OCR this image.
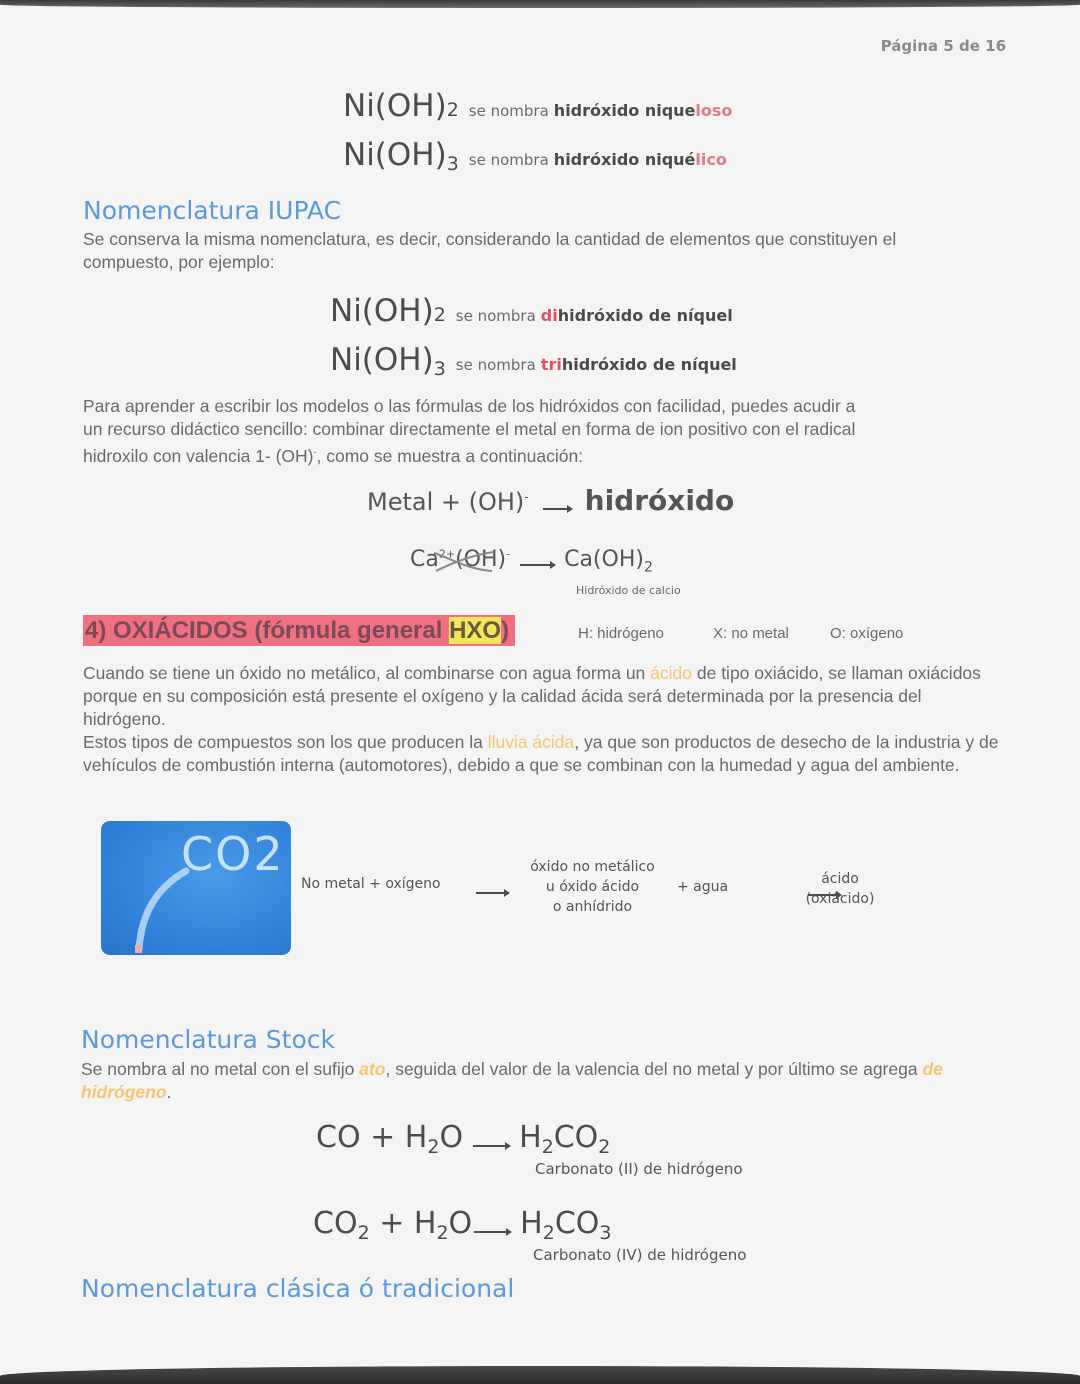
Página 5 de 16
Ni(OH)2 se nombra hidróxido niqueloso
$Ni(OH)_3$ se nombra hidróxido niquélico
Nomenclatura IUPAC
Se conserva la misma nomenclatura, es decir, considerando la cantidad de elementos que constituyen el compuesto, por ejemplo:
Ni(OH)2 se nombra dihidróxido de níquel
$Ni(OH)_3$ se nombra trihidróxido de níquel
Para aprender a escribir los modelos o las fórmulas de los hidróxidos con facilidad, puedes acudir a
un recurso didáctico sencillo: combinar directamente el metal en forma de ion positivo con el radical
hidroxilo con valencia 1- (OH)-, como se muestra a continuación:
Metal + (OH)- hidróxido
$Ca^{2+}(OH)^-$ $Ca(OH)_2$
Hidróxido de calcio
4) OXIÁCIDOS (fórmula general HXO)	H: hidrógeno	X: no metal	O: oxígeno
Cuando se tiene un óxido no metálico, al combinarse con agua forma un ácido de tipo oxiácido, se llaman oxiácidos porque en su composición está presente el oxígeno y la calidad ácida será determinada por la presencia del hidrógeno.
Estos tipos de compuestos son los que producen la lluvia ácida, ya que son productos de desecho de la industria y de vehículos de combustión interna (automotores), debido a que se combinan con la humedad y agua del ambiente.
CO2
No metal + oxígeno

óxido no metálico
u óxido ácido
o anhídrido
+ agua	ácido
(oxiácido)
Nomenclatura Stock
Se nombra al no metal con el sufijo ato, seguida del valor de la valencia del no metal y por último se agrega de hidrógeno.
CO + $H_2O$ $H_2CO_2$
Carbonato (II) de hidrógeno
$CO_2 + H_2O$ $H_2CO_3$
Carbonato (IV) de hidrógeno
Nomenclatura clásica ó tradicional
